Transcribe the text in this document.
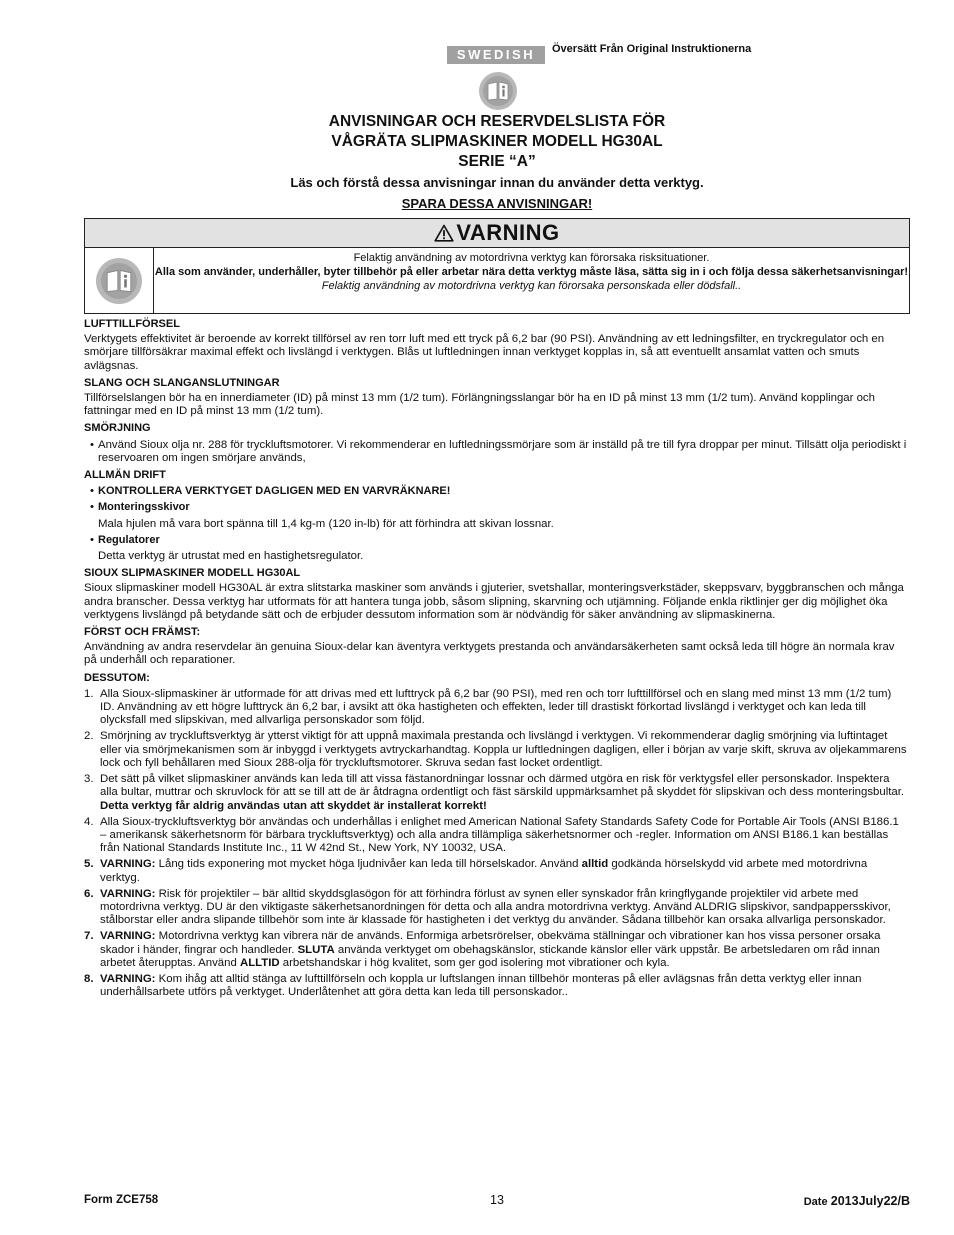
SWEDISH	Översätt Från Original Instruktionerna
ANVISNINGAR OCH RESERVDELSLISTA FÖR
VÅGRÄTA SLIPMASKINER MODELL HG30AL
SERIE “A”
Läs och förstå dessa anvisningar innan du använder detta verktyg.
SPARA DESSA ANVISNINGAR!
VARNING
Felaktig användning av motordrivna verktyg kan förorsaka risksituationer.
Alla som använder, underhåller, byter tillbehör på eller arbetar nära detta verktyg måste läsa, sätta sig in i och följa dessa säkerhetsanvisningar!
Felaktig användning av motordrivna verktyg kan förorsaka personskada eller dödsfall..
LUFTTILLFÖRSEL
Verktygets effektivitet är beroende av korrekt tillförsel av ren torr luft med ett tryck på 6,2 bar (90 PSI). Användning av ett ledningsfilter, en tryckregulator och en smörjare tillförsäkrar maximal effekt och livslängd i verktygen. Blås ut luftledningen innan verktyget kopplas in, så att eventuellt ansamlat vatten och smuts avlägsnas.
SLANG OCH SLANGANSLUTNINGAR
Tillförselslangen bör ha en innerdiameter (ID) på minst 13 mm (1/2 tum). Förlängningsslangar bör ha en ID på minst 13 mm (1/2 tum). Använd kopplingar och fattningar med en ID på minst 13 mm (1/2 tum).
SMÖRJNING
• Använd Sioux olja nr. 288 för tryckluftsmotorer. Vi rekommenderar en luftledningssmörjare som är inställd på tre till fyra droppar per minut. Tillsätt olja periodiskt i reservoaren om ingen smörjare används,
ALLMÄN DRIFT
• KONTROLLERA VERKTYGET DAGLIGEN MED EN VARVRÄKNARE!
• Monteringsskivor
Mala hjulen må vara bort spänna till 1,4 kg-m (120 in-lb) för att förhindra att skivan lossnar.
• Regulatorer
Detta verktyg är utrustat med en hastighetsregulator.
SIOUX SLIPMASKINER MODELL HG30AL
Sioux slipmaskiner modell HG30AL är extra slitstarka maskiner som används i gjuterier, svetshallar, monteringsverkstäder, skeppsvarv, byggbranschen och många andra branscher. Dessa verktyg har utformats för att hantera tunga jobb, såsom slipning, skarvning och utjämning. Följande enkla riktlinjer ger dig möjlighet öka verktygens livslängd på betydande sätt och de erbjuder dessutom information som är nödvändig för säker användning av slipmaskinerna.
FÖRST OCH FRÄMST:
Användning av andra reservdelar än genuina Sioux-delar kan äventyra verktygets prestanda och användarsäkerheten samt också leda till högre än normala krav på underhåll och reparationer.
DESSUTOM:
1. Alla Sioux-slipmaskiner är utformade för att drivas med ett lufttryck på 6,2 bar (90 PSI), med ren och torr lufttillförsel och en slang med minst 13 mm (1/2 tum) ID. Användning av ett högre lufttryck än 6,2 bar, i avsikt att öka hastigheten och effekten, leder till drastiskt förkortad livslängd i verktyget och kan leda till olycksfall med slipskivan, med allvarliga personskador som följd.
2. Smörjning av tryckluftsverktyg är ytterst viktigt för att uppnå maximala prestanda och livslängd i verktygen. Vi rekommenderar daglig smörjning via luftintaget eller via smörjmekanismen som är inbyggd i verktygets avtryckarhandtag. Koppla ur luftledningen dagligen, eller i början av varje skift, skruva av oljekammarens lock och fyll behållaren med Sioux 288-olja för tryckluftsmotorer. Skruva sedan fast locket ordentligt.
3. Det sätt på vilket slipmaskiner används kan leda till att vissa fästanordningar lossnar och därmed utgöra en risk för verktygsfel eller personskador. Inspektera alla bultar, muttrar och skruvlock för att se till att de är åtdragna ordentligt och fäst särskild uppmärksamhet på skyddet för slipskivan och dess monteringsbultar. Detta verktyg får aldrig användas utan att skyddet är installerat korrekt!
4. Alla Sioux-tryckluftsverktyg bör användas och underhållas i enlighet med American National Safety Standards Safety Code for Portable Air Tools (ANSI B186.1 – amerikansk säkerhetsnorm för bärbara tryckluftsverktyg) och alla andra tillämpliga säkerhetsnormer och -regler. Information om ANSI B186.1 kan beställas från National Standards Institute Inc., 11 W 42nd St., New York, NY 10032, USA.
5. VARNING: Lång tids exponering mot mycket höga ljudnivåer kan leda till hörselskador. Använd alltid godkända hörselskydd vid arbete med motordrivna verktyg.
6. VARNING: Risk för projektiler – bär alltid skyddsglasögon för att förhindra förlust av synen eller synskador från kringflygande projektiler vid arbete med motordrivna verktyg. DU är den viktigaste säkerhetsanordningen för detta och alla andra motordrivna verktyg. Använd ALDRIG slipskivor, sandpappersskivor, stålborstar eller andra slipande tillbehör som inte är klassade för hastigheten i det verktyg du använder. Sådana tillbehör kan orsaka allvarliga personskador.
7. VARNING: Motordrivna verktyg kan vibrera när de används. Enformiga arbetsrörelser, obekväma ställningar och vibrationer kan hos vissa personer orsaka skador i händer, fingrar och handleder. SLUTA använda verktyget om obehagskänslor, stickande känslor eller värk uppstår. Be arbetsledaren om råd innan arbetet återupptas. Använd ALLTID arbetshandskar i hög kvalitet, som ger god isolering mot vibrationer och kyla.
8. VARNING: Kom ihåg att alltid stänga av lufttillförseln och koppla ur luftslangen innan tillbehör monteras på eller avlägsnas från detta verktyg eller innan underhållsarbete utförs på verktyget. Underlåtenhet att göra detta kan leda till personskador..
Form ZCE758	13	Date 2013July22/B
